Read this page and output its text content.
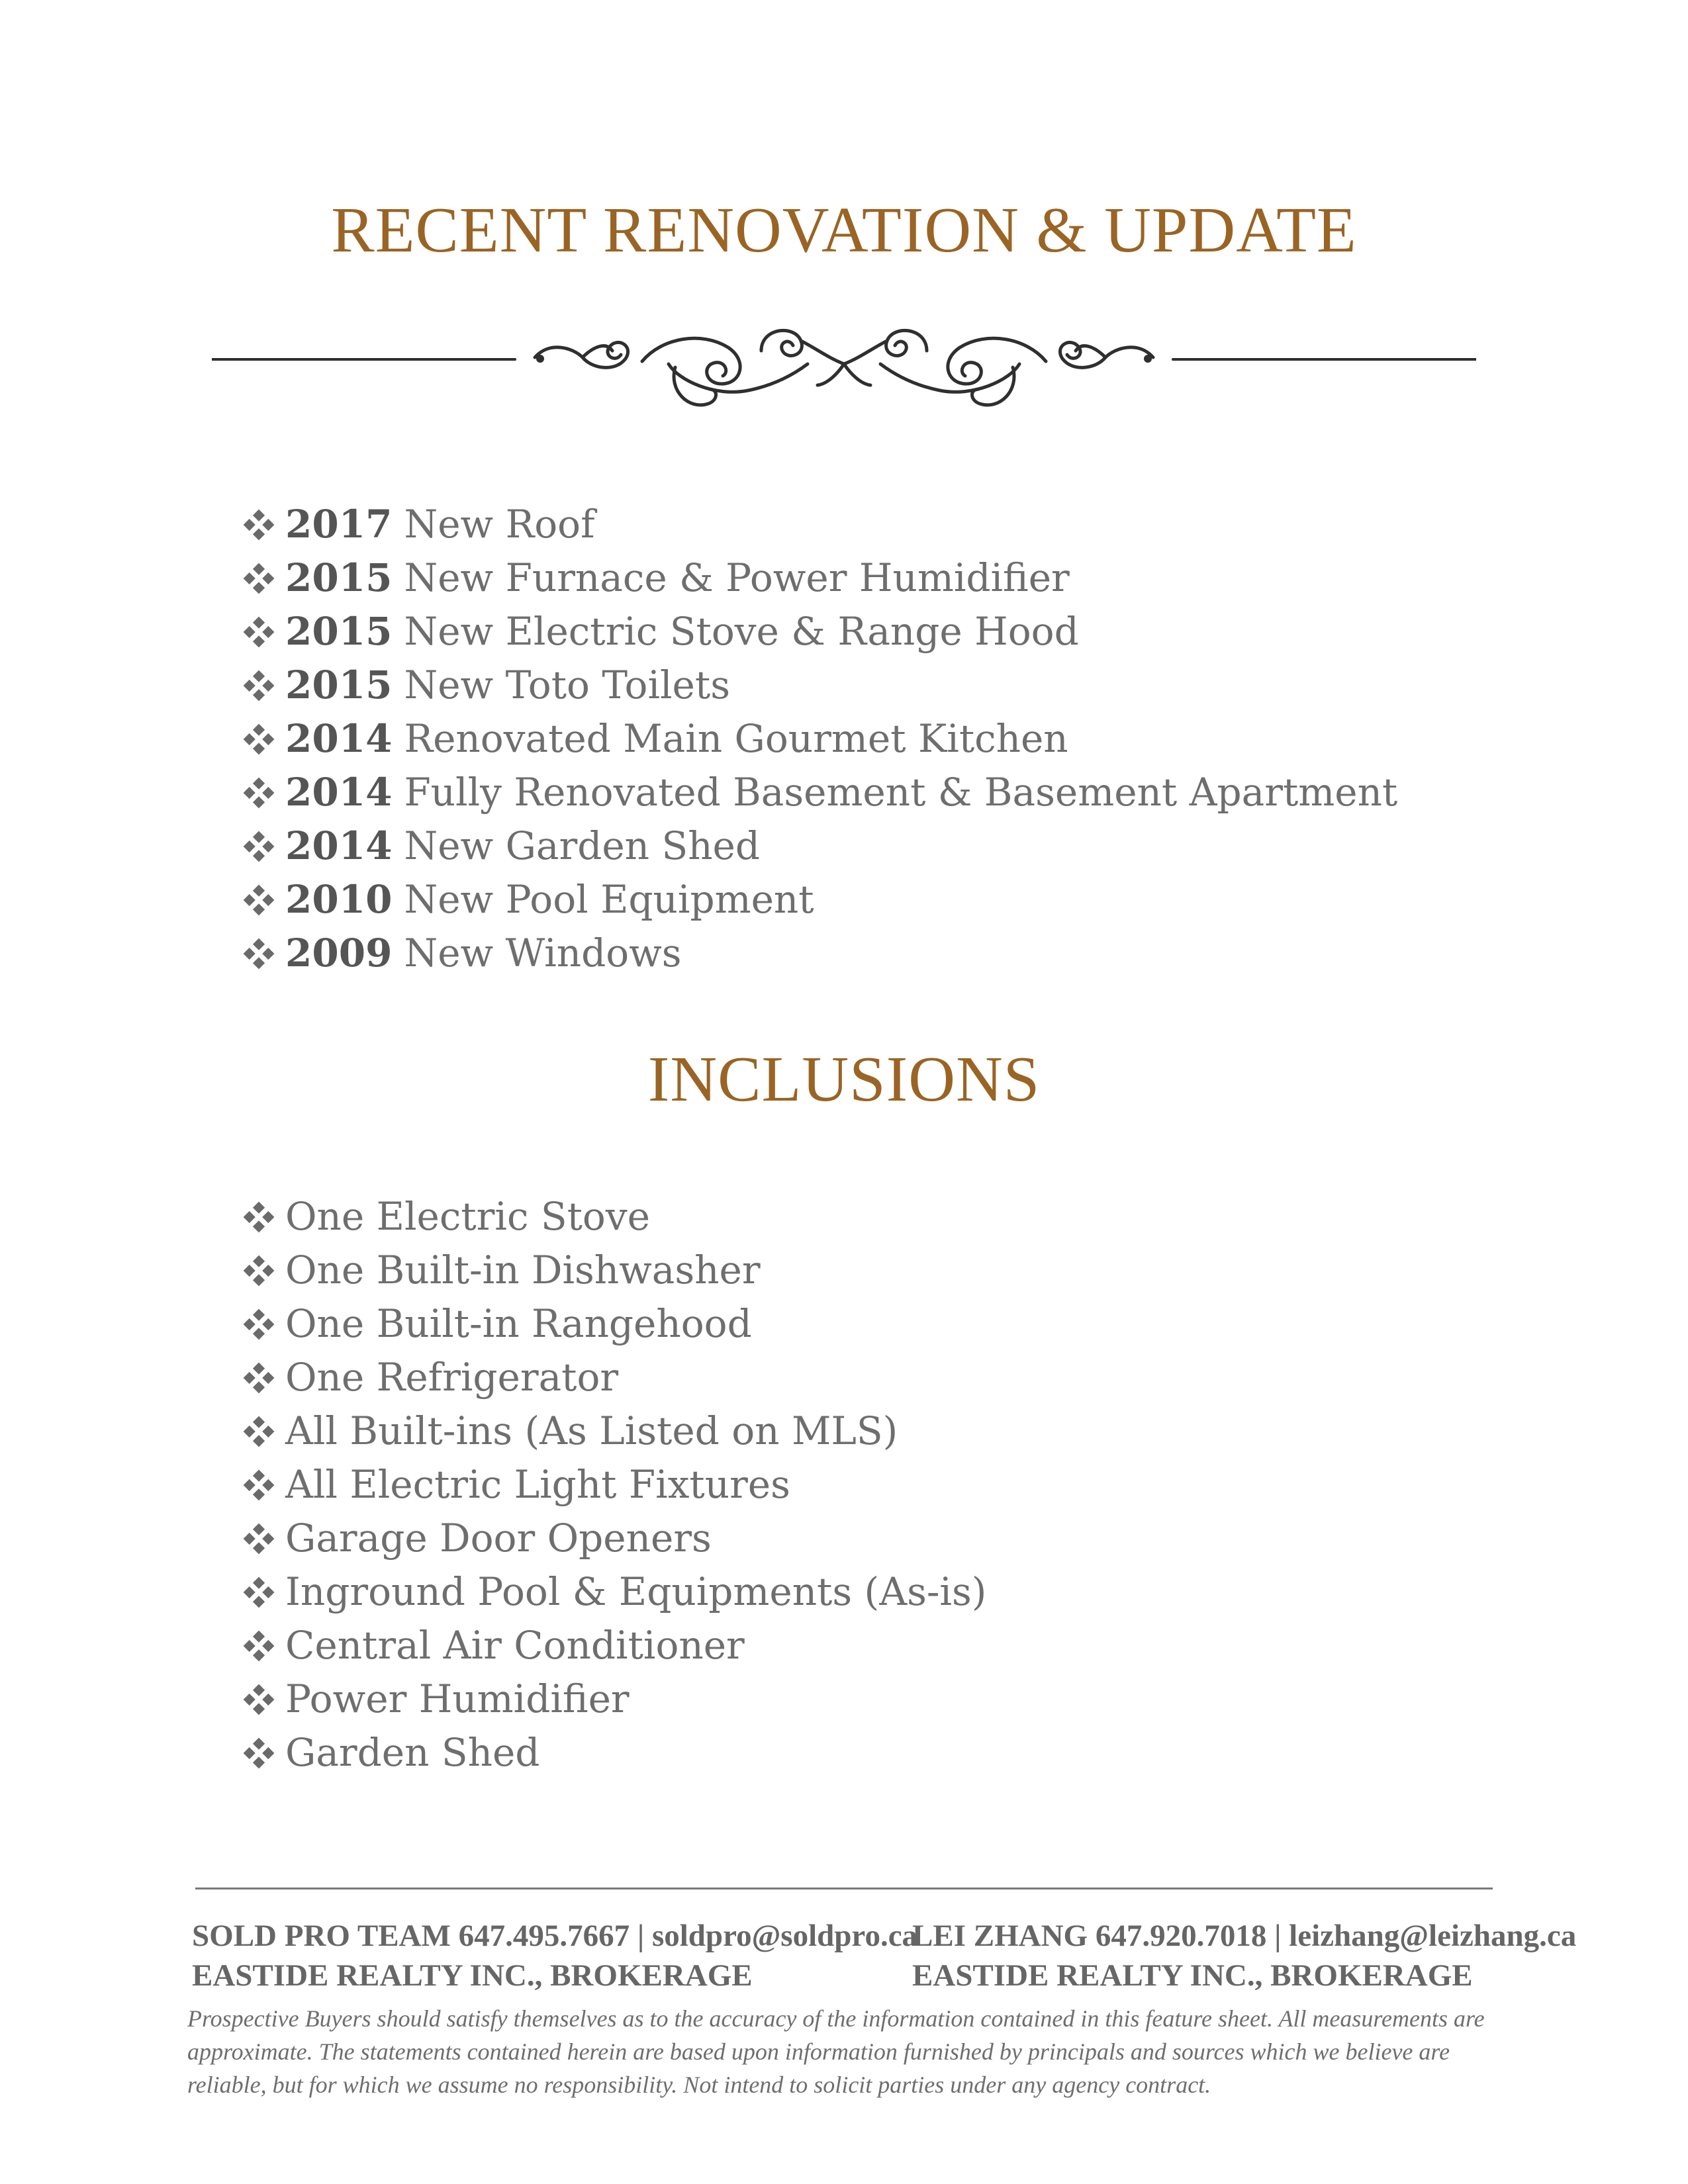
RECENT RENOVATION & UPDATE
2017 New Roof
2015 New Furnace & Power Humidifier
2015 New Electric Stove & Range Hood
2015 New Toto Toilets
2014 Renovated Main Gourmet Kitchen
2014 Fully Renovated Basement & Basement Apartment
2014 New Garden Shed
2010 New Pool Equipment
2009 New Windows
INCLUSIONS
One Electric Stove
One Built-in Dishwasher
One Built-in Rangehood
One Refrigerator
All Built-ins (As Listed on MLS)
All Electric Light Fixtures
Garage Door Openers
Inground Pool & Equipments (As-is)
Central Air Conditioner
Power Humidifier
Garden Shed
SOLD PRO TEAM 647.495.7667 | soldpro@soldpro.ca
EASTIDE REALTY INC., BROKERAGE
LEI ZHANG 647.920.7018 | leizhang@leizhang.ca
EASTIDE REALTY INC., BROKERAGE

Prospective Buyers should satisfy themselves as to the accuracy of the information contained in this feature sheet. All measurements are approximate. The statements contained herein are based upon information furnished by principals and sources which we believe are reliable, but for which we assume no responsibility. Not intend to solicit parties under any agency contract.
